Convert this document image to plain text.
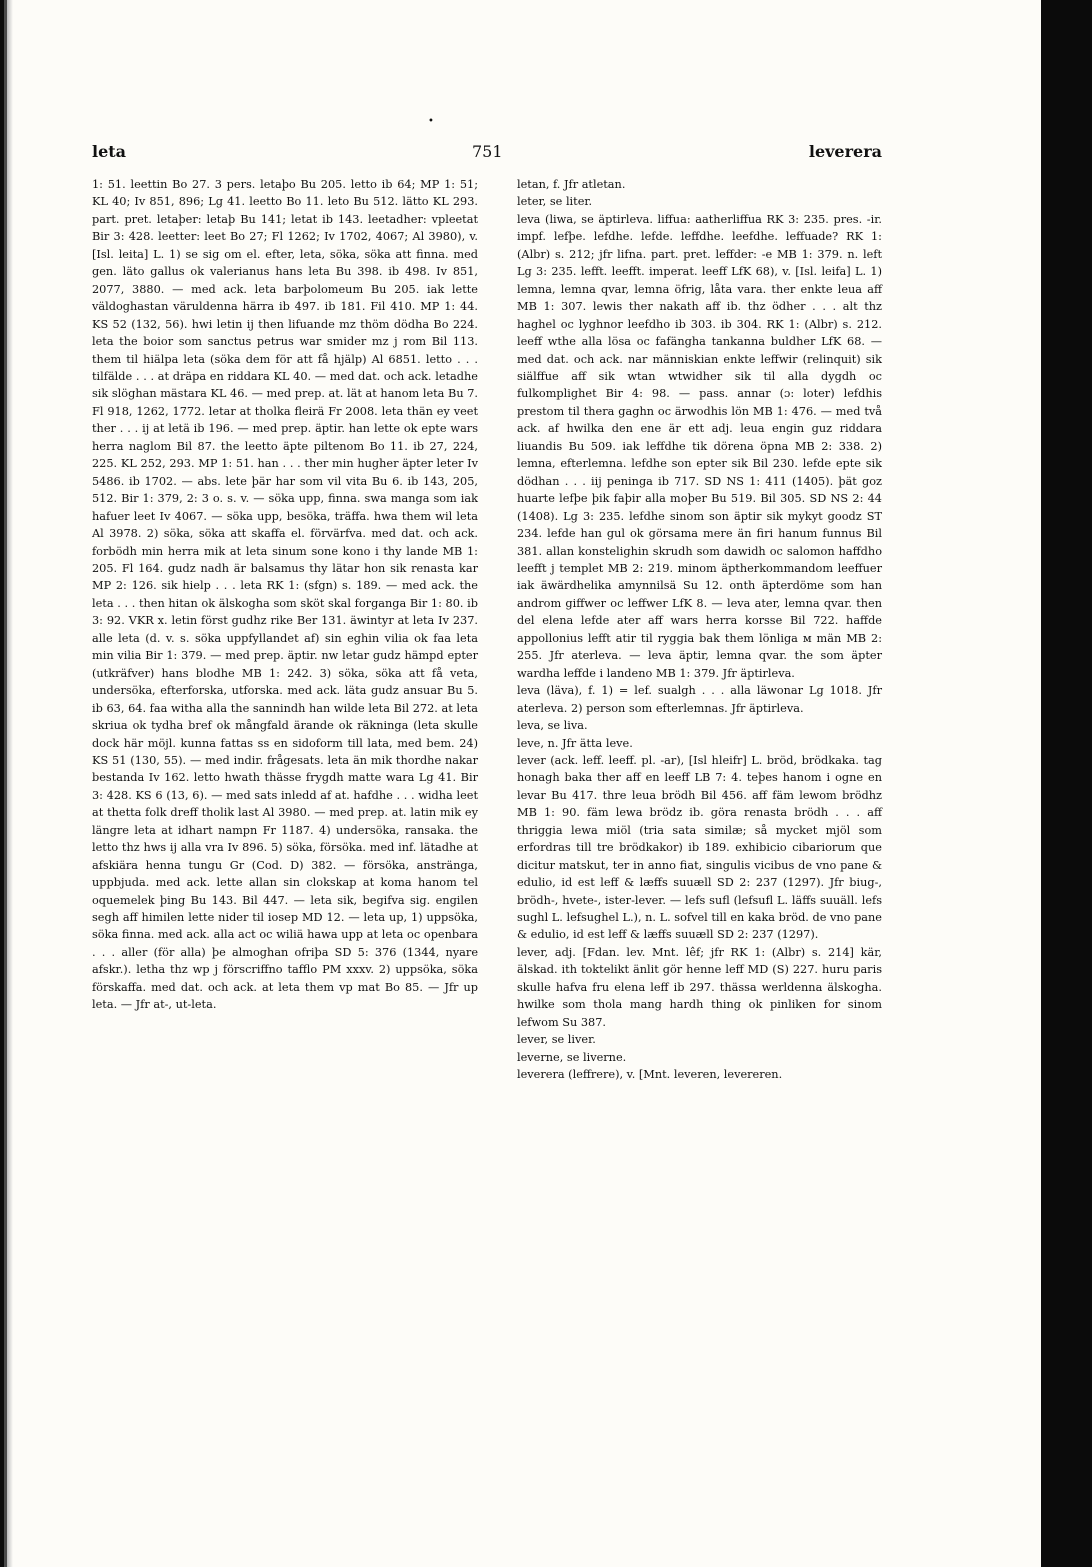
•
leta	751	leverera

1: 51. leettin Bo 27. 3 pers. letaþo Bu 205. letto ib 64; MP 1: 51; KL 40; Iv 851, 896; Lg 41. leetto Bo 11. leto Bu 512. lätto KL 293. part. pret. letaþer: letaþ Bu 141; letat ib 143. leetadher: vpleetat Bir 3: 428. leetter: leet Bo 27; Fl 1262; Iv 1702, 4067; Al 3980), v. [Isl. leita] L. 1) se sig om el. efter, leta, söka, söka att finna. med gen. läto gallus ok valerianus hans leta Bu 398. ib 498. Iv 851, 2077, 3880. — med ack. leta barþolomeum Bu 205. iak lette väldoghastan väruldenna härra ib 497. ib 181. Fil 410. MP 1: 44. KS 52 (132, 56). hwi letin ij then lifuande mz thöm dödha Bo 224. leta the boior som sanctus petrus war smider mz j rom Bil 113. them til hiälpa leta (söka dem för att få hjälp) Al 6851. letto . . . tilfälde . . . at dräpa en riddara KL 40. — med dat. och ack. letadhe sik slöghan mästara KL 46. — med prep. at. lät at hanom leta Bu 7. Fl 918, 1262, 1772. letar at tholka fleirä Fr 2008. leta thän ey veet ther . . . ij at letä ib 196. — med prep. äptir. han lette ok epte wars herra naglom Bil 87. the leetto äpte piltenom Bo 11. ib 27, 224, 225. KL 252, 293. MP 1: 51. han . . . ther min hugher äpter leter Iv 5486. ib 1702. — abs. lete þär har som vil vita Bu 6. ib 143, 205, 512. Bir 1: 379, 2: 3 o. s. v. — söka upp, finna. swa manga som iak hafuer leet Iv 4067. — söka upp, besöka, träffa. hwa them wil leta Al 3978. 2) söka, söka att skaffa el. förvärfva. med dat. och ack. forbödh min herra mik at leta sinum sone kono i thy lande MB 1: 205. Fl 164. gudz nadh är balsamus thy lätar hon sik renasta kar MP 2: 126. sik hielp . . . leta RK 1: (sfgn) s. 189. — med ack. the leta . . . then hitan ok älskogha som sköt skal forganga Bir 1: 80. ib 3: 92. VKR x. letin först gudhz rike Ber 131. äwintyr at leta Iv 237. alle leta (d. v. s. söka uppfyllandet af) sin eghin vilia ok faa leta min vilia Bir 1: 379. — med prep. äptir. nw letar gudz hämpd epter (utkräfver) hans blodhe MB 1: 242. 3) söka, söka att få veta, undersöka, efterforska, utforska. med ack. läta gudz ansuar Bu 5. ib 63, 64. faa witha alla the sannindh han wilde leta Bil 272. at leta skriua ok tydha bref ok mångfald ärande ok räkninga (leta skulle dock här möjl. kunna fattas ss en sidoform till lata, med bem. 24) KS 51 (130, 55). — med indir. frågesats. leta än mik thordhe nakar bestanda Iv 162. letto hwath thässe frygdh matte wara Lg 41. Bir 3: 428. KS 6 (13, 6). — med sats inledd af at. hafdhe . . . widha leet at thetta folk dreff tholik last Al 3980. — med prep. at. latin mik ey längre leta at idhart nampn Fr 1187. 4) undersöka, ransaka. the letto thz hws ij alla vra Iv 896. 5) söka, försöka. med inf. lätadhe at afskiära henna tungu Gr (Cod. D) 382. — försöka, anstränga, uppbjuda. med ack. lette allan sin clokskap at koma hanom tel oquemelek þing Bu 143. Bil 447. — leta sik, begifva sig. engilen segh aff himilen lette nider til iosep MD 12. — leta up, 1) uppsöka, söka finna. med ack. alla act oc wiliä hawa upp at leta oc openbara . . . aller (för alla) þe almoghan ofriþa SD 5: 376 (1344, nyare afskr.). letha thz wp j förscriffno tafflo PM xxxv. 2) uppsöka, söka förskaffa. med dat. och ack. at leta them vp mat Bo 85. — Jfr up leta. — Jfr at-, ut-leta.

letan, f. Jfr atletan.

leter, se liter.

leva (liwa, se äptirleva. liffua: aatherliffua RK 3: 235. pres. -ir. impf. lefþe. lefdhe. lefde. leffdhe. leefdhe. leffuade? RK 1: (Albr) s. 212; jfr lifna. part. pret. leffder: -e MB 1: 379. n. left Lg 3: 235. lefft. leefft. imperat. leeff LfK 68), v. [Isl. leifa] L. 1) lemna, lemna qvar, lemna öfrig, låta vara. ther enkte leua aff MB 1: 307. lewis ther nakath aff ib. thz ödher . . . alt thz haghel oc lyghnor leefdho ib 303. ib 304. RK 1: (Albr) s. 212. leeff wthe alla lösa oc fafängha tankanna buldher LfK 68. — med dat. och ack. nar människian enkte leffwir (relinquit) sik siälffue aff sik wtan wtwidher sik til alla dygdh oc fulkomplighet Bir 4: 98. — pass. annar (ɔ: loter) lefdhis prestom til thera gaghn oc ärwodhis lön MB 1: 476. — med två ack. af hwilka den ene är ett adj. leua engin guz riddara liuandis Bu 509. iak leffdhe tik dörena öpna MB 2: 338. 2) lemna, efterlemna. lefdhe son epter sik Bil 230. lefde epte sik dödhan . . . iij peninga ib 717. SD NS 1: 411 (1405). þät goz huarte lefþe þik faþir alla moþer Bu 519. Bil 305. SD NS 2: 44 (1408). Lg 3: 235. lefdhe sinom son äptir sik mykyt goodz ST 234. lefde han gul ok görsama mere än firi hanum funnus Bil 381. allan konstelighin skrudh som dawidh oc salomon haffdho leefft j templet MB 2: 219. minom äptherkommandom leeffuer iak äwärdhelika amynnilsä Su 12. onth äpterdöme som han androm giffwer oc leffwer LfK 8. — leva ater, lemna qvar. then del elena lefde ater aff wars herra korsse Bil 722. haffde appollonius lefft atir til ryggia bak them lönliga м män MB 2: 255. Jfr aterleva. — leva äptir, lemna qvar. the som äpter wardha leffde i landeno MB 1: 379. Jfr äptirleva.

leva (läva), f. 1) = lef. sualgh . . . alla läwonar Lg 1018. Jfr aterleva. 2) person som efterlemnas. Jfr äptirleva.

leva, se liva.

leve, n. Jfr ätta leve.

lever (ack. leff. leeff. pl. -ar), [Isl hleifr] L. bröd, brödkaka. tag honagh baka ther aff en leeff LB 7: 4. teþes hanom i ogne en levar Bu 417. thre leua brödh Bil 456. aff fäm lewom brödhz MB 1: 90. fäm lewa brödz ib. göra renasta brödh . . . aff thriggia lewa miöl (tria sata similæ; så mycket mjöl som erfordras till tre brödkakor) ib 189. exhibicio cibariorum que dicitur matskut, ter in anno fiat, singulis vicibus de vno pane & edulio, id est leff & læffs suuæll SD 2: 237 (1297). Jfr biug-, brödh-, hvete-, ister-lever. — lefs sufl (lefsufl L. läffs suuäll. lefs sughl L. lefsughel L.), n. L. sofvel till en kaka bröd. de vno pane & edulio, id est leff & læffs suuæll SD 2: 237 (1297).

lever, adj. [Fdan. lev. Mnt. lêf; jfr RK 1: (Albr) s. 214] kär, älskad. ith toktelikt änlit gör henne leff MD (S) 227. huru paris skulle hafva fru elena leff ib 297. thässa werldenna älskogha. hwilke som thola mang hardh thing ok pinliken for sinom lefwom Su 387.

lever, se liver.

leverne, se liverne.

leverera (leffrere), v. [Mnt. leveren, levereren.
